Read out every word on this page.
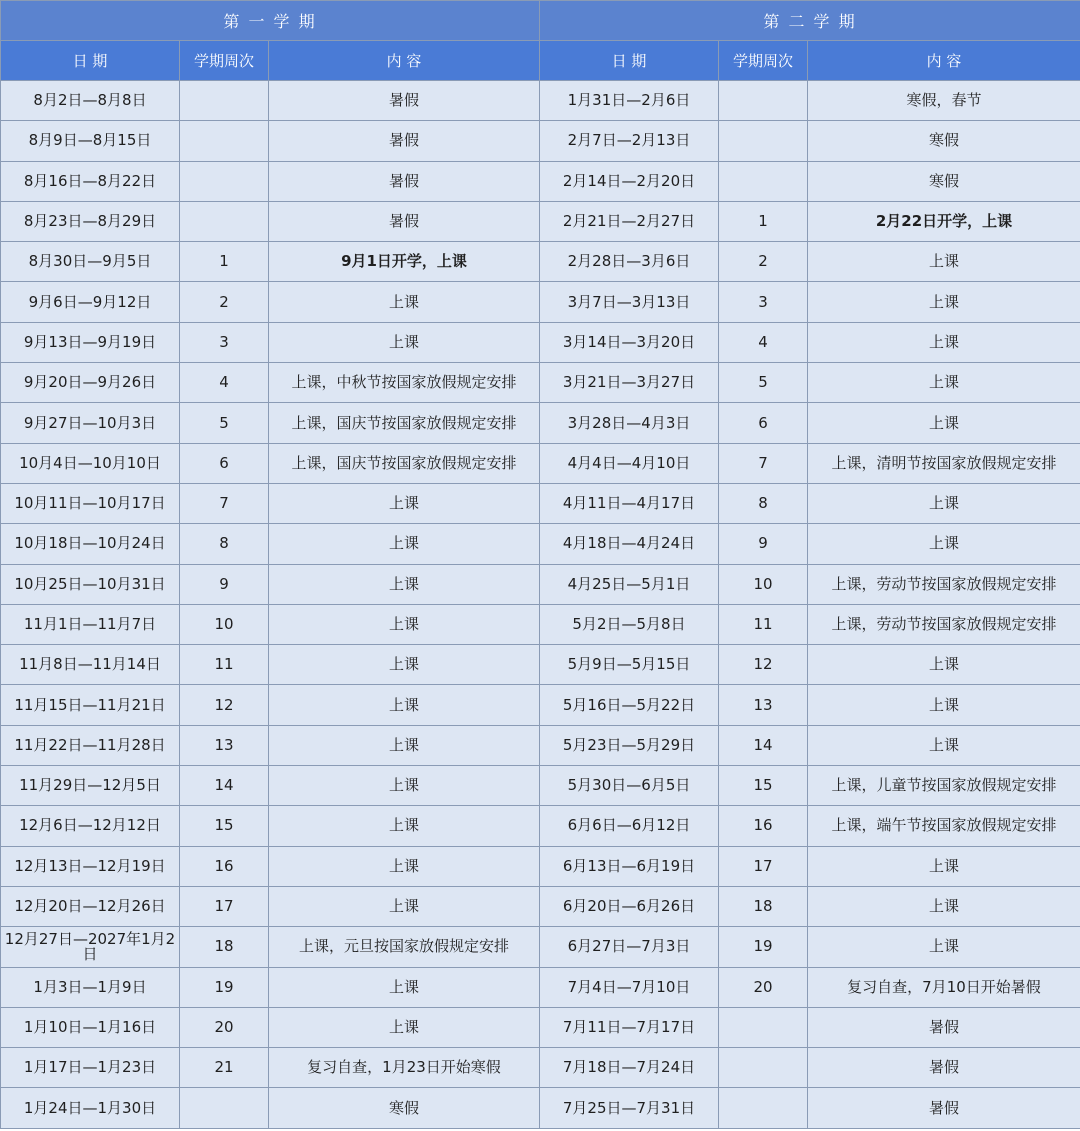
第 一 学 期			第 二 学 期		
日 期	学期周次	内 容	日 期	学期周次	内 容
8月2日—8月8日		暑假	1月31日—2月6日		寒假，春节
8月9日—8月15日		暑假	2月7日—2月13日		寒假
8月16日—8月22日		暑假	2月14日—2月20日		寒假
8月23日—8月29日		暑假	2月21日—2月27日	1	2月22日开学，上课
8月30日—9月5日	1	9月1日开学，上课	2月28日—3月6日	2	上课
9月6日—9月12日	2	上课	3月7日—3月13日	3	上课
9月13日—9月19日	3	上课	3月14日—3月20日	4	上课
9月20日—9月26日	4	上课，中秋节按国家放假规定安排	3月21日—3月27日	5	上课
9月27日—10月3日	5	上课，国庆节按国家放假规定安排	3月28日—4月3日	6	上课
10月4日—10月10日	6	上课，国庆节按国家放假规定安排	4月4日—4月10日	7	上课，清明节按国家放假规定安排
10月11日—10月17日	7	上课	4月11日—4月17日	8	上课
10月18日—10月24日	8	上课	4月18日—4月24日	9	上课
10月25日—10月31日	9	上课	4月25日—5月1日	10	上课，劳动节按国家放假规定安排
11月1日—11月7日	10	上课	5月2日—5月8日	11	上课，劳动节按国家放假规定安排
11月8日—11月14日	11	上课	5月9日—5月15日	12	上课
11月15日—11月21日	12	上课	5月16日—5月22日	13	上课
11月22日—11月28日	13	上课	5月23日—5月29日	14	上课
11月29日—12月5日	14	上课	5月30日—6月5日	15	上课，儿童节按国家放假规定安排
12月6日—12月12日	15	上课	6月6日—6月12日	16	上课，端午节按国家放假规定安排
12月13日—12月19日	16	上课	6月13日—6月19日	17	上课
12月20日—12月26日	17	上课	6月20日—6月26日	18	上课
12月27日—2027年1月2日	18	上课，元旦按国家放假规定安排	6月27日—7月3日	19	上课
1月3日—1月9日	19	上课	7月4日—7月10日	20	复习自查，7月10日开始暑假
1月10日—1月16日	20	上课	7月11日—7月17日		暑假
1月17日—1月23日	21	复习自查，1月23日开始寒假	7月18日—7月24日		暑假
1月24日—1月30日		寒假	7月25日—7月31日		暑假
